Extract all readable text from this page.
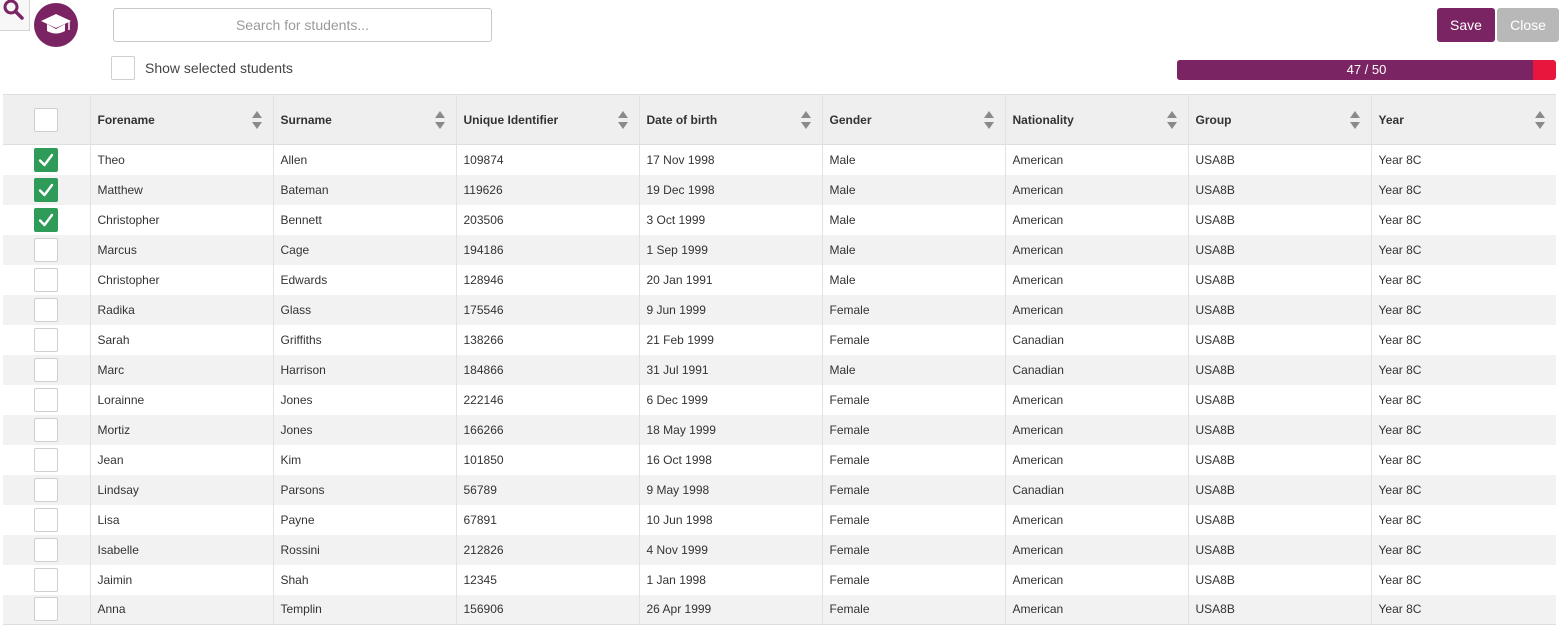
Search for students...
Show selected students
Save	Close
47 / 50
	Forename	Surname	Unique Identifier	Date of birth	Gender	Nationality	Group	Year

	Theo	Allen	109874	17 Nov 1998	Male	American	USA8B	Year 8C

	Matthew	Bateman	119626	19 Dec 1998	Male	American	USA8B	Year 8C

	Christopher	Bennett	203506	3 Oct 1999	Male	American	USA8B	Year 8C

	Marcus	Cage	194186	1 Sep 1999	Male	American	USA8B	Year 8C

	Christopher	Edwards	128946	20 Jan 1991	Male	American	USA8B	Year 8C

	Radika	Glass	175546	9 Jun 1999	Female	American	USA8B	Year 8C

	Sarah	Griffiths	138266	21 Feb 1999	Female	Canadian	USA8B	Year 8C

	Marc	Harrison	184866	31 Jul 1991	Male	Canadian	USA8B	Year 8C

	Lorainne	Jones	222146	6 Dec 1999	Female	American	USA8B	Year 8C

	Mortiz	Jones	166266	18 May 1999	Female	American	USA8B	Year 8C

	Jean	Kim	101850	16 Oct 1998	Female	American	USA8B	Year 8C

	Lindsay	Parsons	56789	9 May 1998	Female	Canadian	USA8B	Year 8C

	Lisa	Payne	67891	10 Jun 1998	Female	American	USA8B	Year 8C

	Isabelle	Rossini	212826	4 Nov 1999	Female	American	USA8B	Year 8C

	Jaimin	Shah	12345	1 Jan 1998	Female	American	USA8B	Year 8C

	Anna	Templin	156906	26 Apr 1999	Female	American	USA8B	Year 8C
